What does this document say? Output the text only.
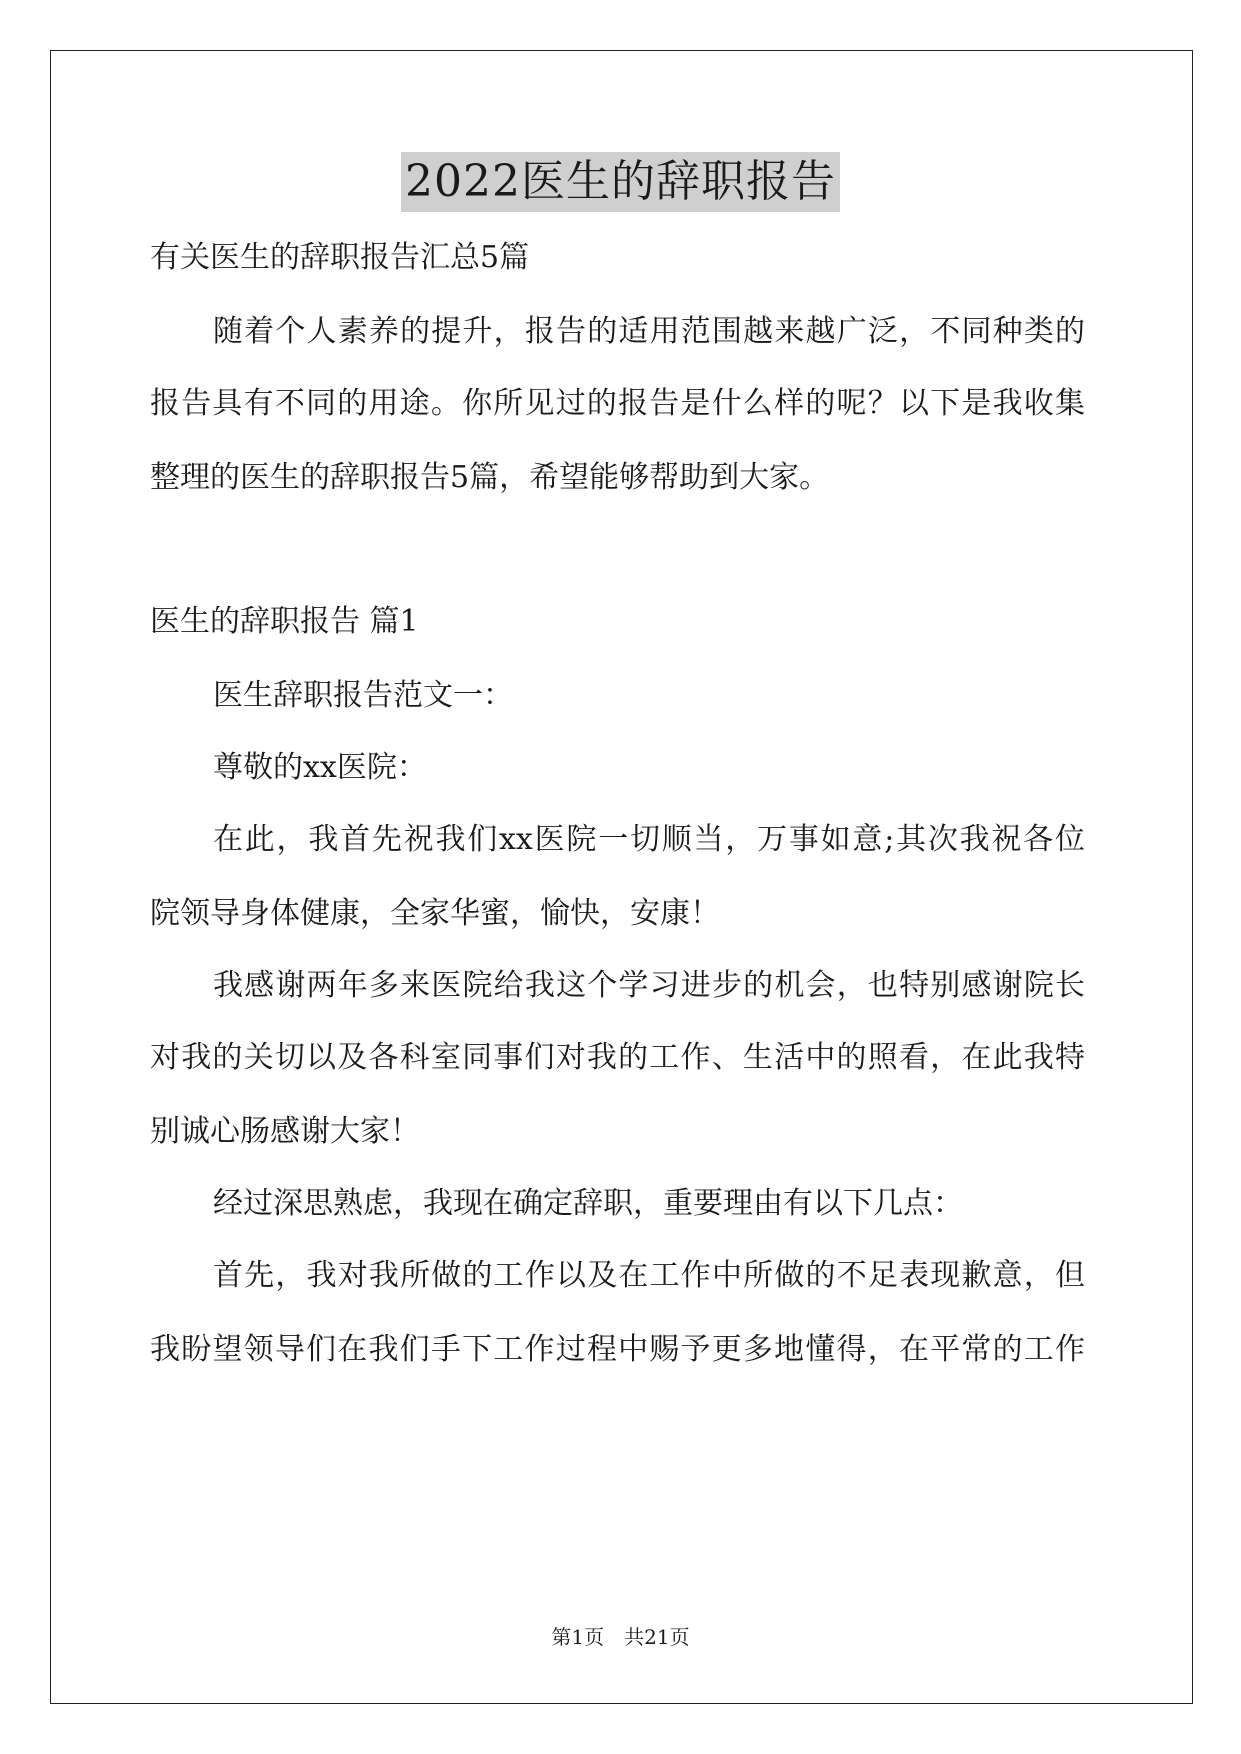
2022医生的辞职报告
有关医生的辞职报告汇总5篇
随着个人素养的提升，报告的适用范围越来越广泛，不同种类的
报告具有不同的用途。你所见过的报告是什么样的呢？以下是我收集
整理的医生的辞职报告5篇，希望能够帮助到大家。
医生的辞职报告 篇1
医生辞职报告范文一：
尊敬的xx医院：
在此，我首先祝我们xx医院一切顺当，万事如意;其次我祝各位
院领导身体健康，全家华蜜，愉快，安康！
我感谢两年多来医院给我这个学习进步的机会，也特别感谢院长
对我的关切以及各科室同事们对我的工作、生活中的照看，在此我特
别诚心肠感谢大家！
经过深思熟虑，我现在确定辞职，重要理由有以下几点：
首先，我对我所做的工作以及在工作中所做的不足表现歉意，但
我盼望领导们在我们手下工作过程中赐予更多地懂得，在平常的工作
第1页　共21页
